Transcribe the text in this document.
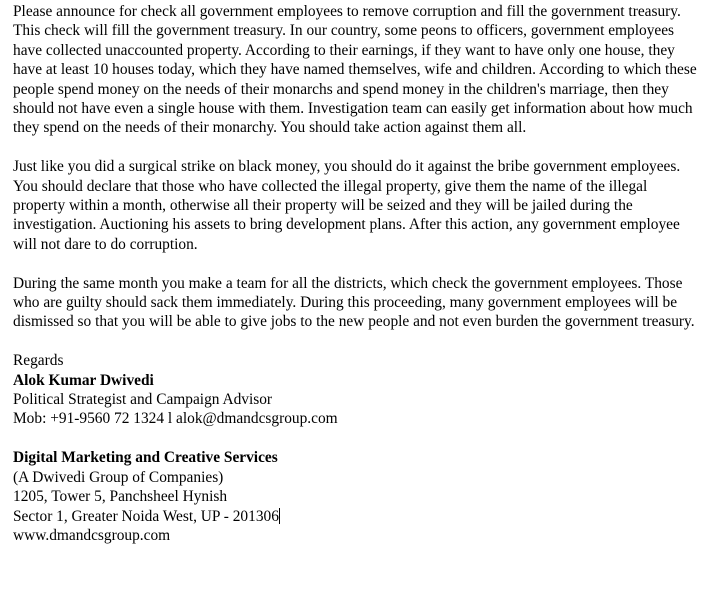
Please announce for check all government employees to remove corruption and fill the government treasury. This check will fill the government treasury. In our country, some peons to officers, government employees have collected unaccounted property. According to their earnings, if they want to have only one house, they have at least 10 houses today, which they have named themselves, wife and children. According to which these people spend money on the needs of their monarchs and spend money in the children's marriage, then they should not have even a single house with them. Investigation team can easily get information about how much they spend on the needs of their monarchy. You should take action against them all.

Just like you did a surgical strike on black money, you should do it against the bribe government employees. You should declare that those who have collected the illegal property, give them the name of the illegal property within a month, otherwise all their property will be seized and they will be jailed during the investigation. Auctioning his assets to bring development plans. After this action, any government employee will not dare to do corruption.

During the same month you make a team for all the districts, which check the government employees. Those who are guilty should sack them immediately. During this proceeding, many government employees will be dismissed so that you will be able to give jobs to the new people and not even burden the government treasury.

Regards
Alok Kumar Dwivedi
Political Strategist and Campaign Advisor
Mob: +91-9560 72 1324 l alok@dmandcsgroup.com
Digital Marketing and Creative Services
(A Dwivedi Group of Companies)
1205, Tower 5, Panchsheel Hynish
Sector 1, Greater Noida West, UP - 201306
www.dmandcsgroup.com
